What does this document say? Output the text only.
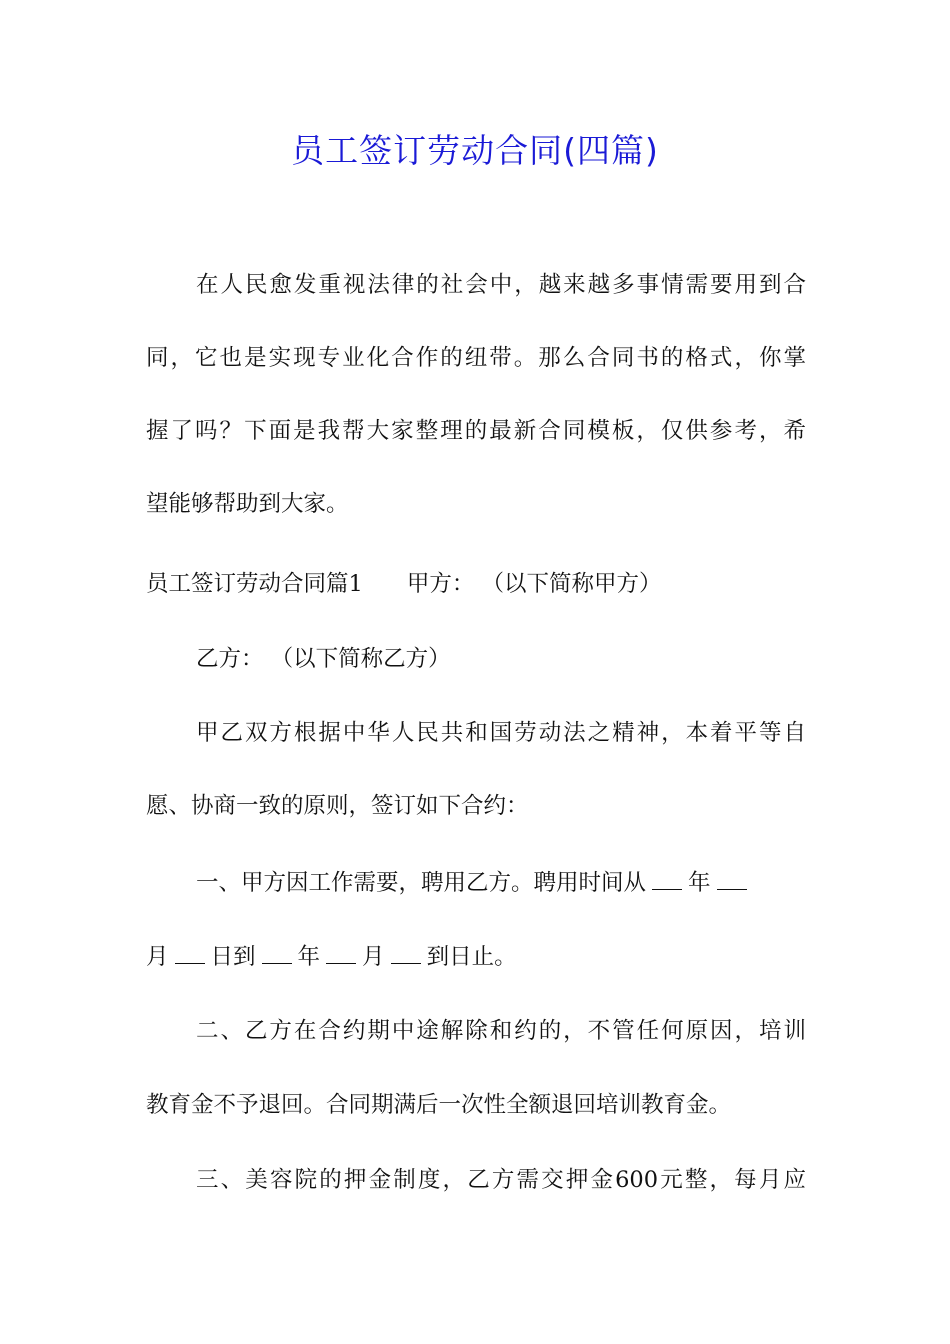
员工签订劳动合同(四篇)
在人民愈发重视法律的社会中，越来越多事情需要用到合
同，它也是实现专业化合作的纽带。那么合同书的格式，你掌
握了吗？下面是我帮大家整理的最新合同模板，仅供参考，希
望能够帮助到大家。
员工签订劳动合同篇1 甲方： （以下简称甲方）
乙方： （以下简称乙方）
甲乙双方根据中华人民共和国劳动法之精神，本着平等自
愿、协商一致的原则，签订如下合约：
一、甲方因工作需要，聘用乙方。聘用时间从 年
月 日到 年 月 到日止。
二、乙方在合约期中途解除和约的，不管任何原因，培训
教育金不予退回。合同期满后一次性全额退回培训教育金。
三、美容院的押金制度，乙方需交押金600元整，每月应
